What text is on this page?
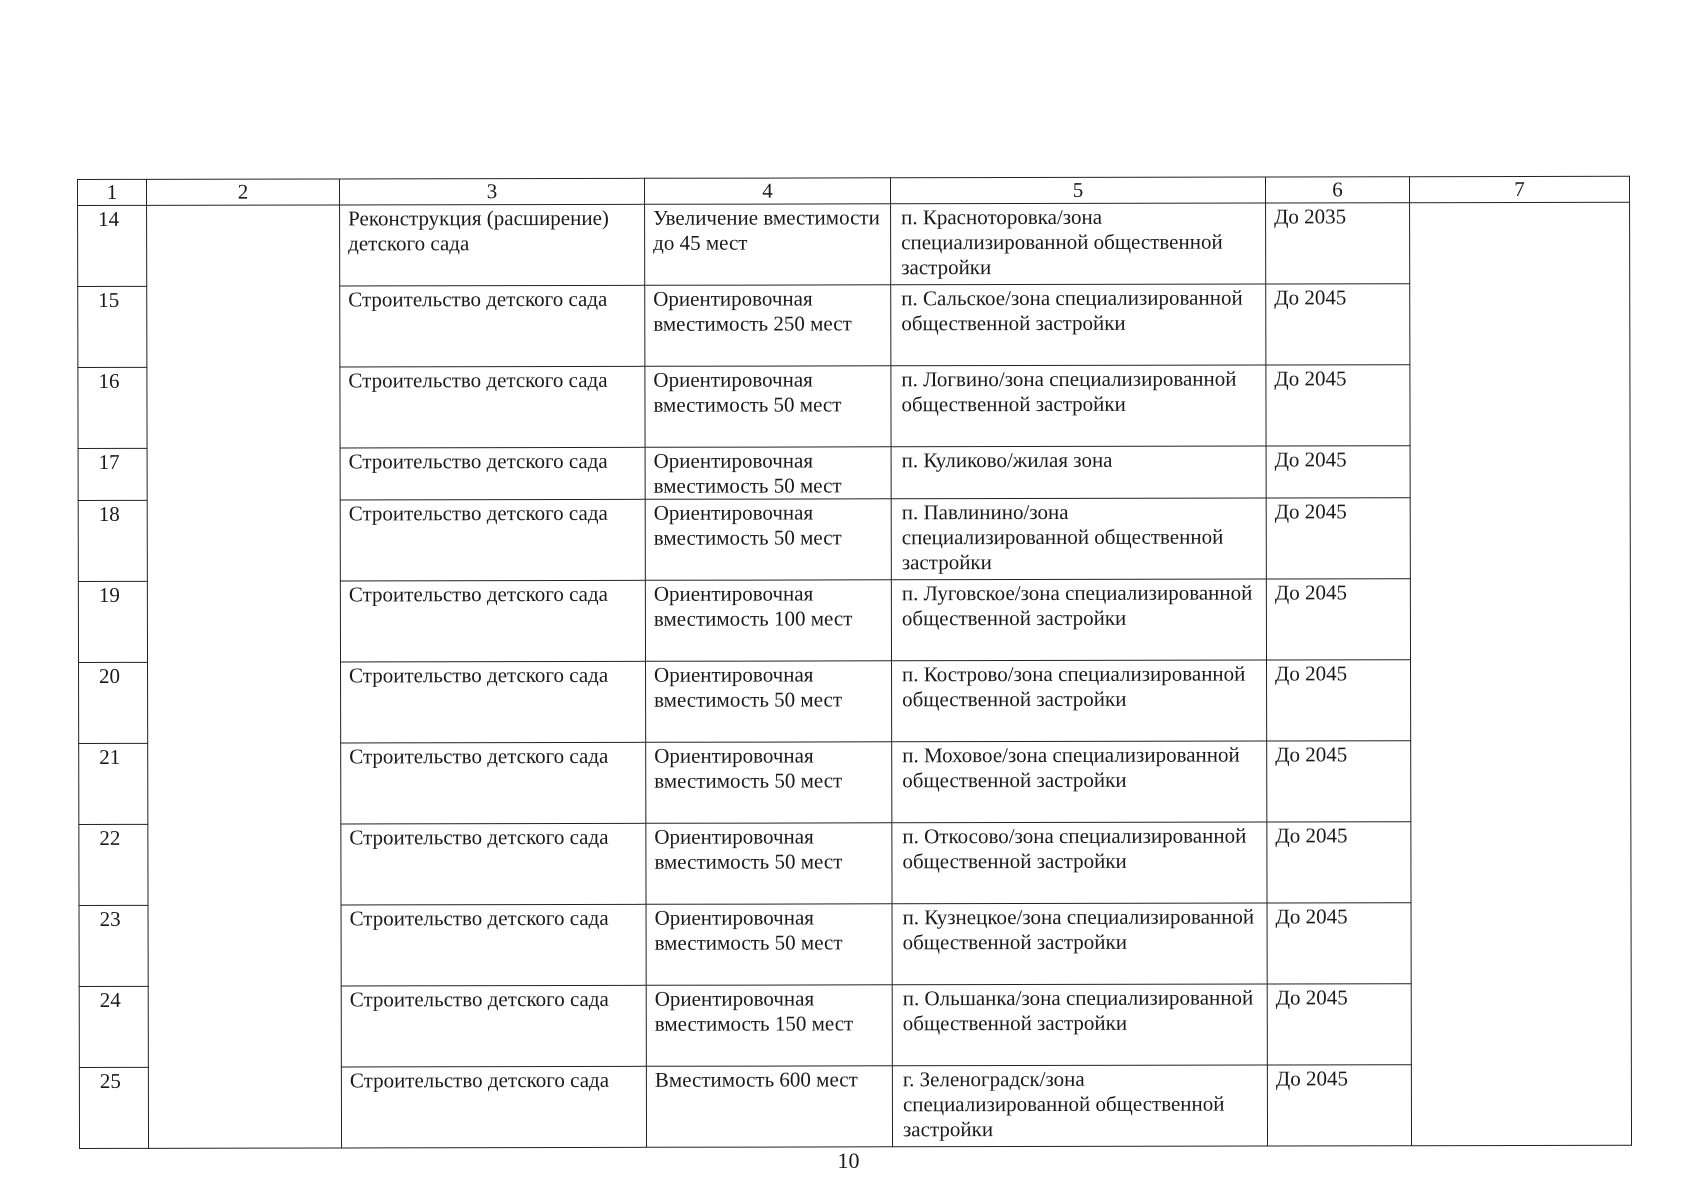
1	2	3	4	5	6	7
14		Реконструкция (расширение) детского сада	Увеличение вместимости до 45 мест	п. Красноторовка/зона специализированной общественной застройки	До 2035	
15		Строительство детского сада	Ориентировочная вместимость 250 мест	п. Сальское/зона специализированной общественной застройки	До 2045	
16		Строительство детского сада	Ориентировочная вместимость 50 мест	п. Логвино/зона специализированной общественной застройки	До 2045	
17		Строительство детского сада	Ориентировочная вместимость 50 мест	п. Куликово/жилая зона	До 2045	
18		Строительство детского сада	Ориентировочная вместимость 50 мест	п. Павлинино/зона специализированной общественной застройки	До 2045	
19		Строительство детского сада	Ориентировочная вместимость 100 мест	п. Луговское/зона специализированной общественной застройки	До 2045	
20		Строительство детского сада	Ориентировочная вместимость 50 мест	п. Кострово/зона специализированной общественной застройки	До 2045	
21		Строительство детского сада	Ориентировочная вместимость 50 мест	п. Моховое/зона специализированной общественной застройки	До 2045	
22		Строительство детского сада	Ориентировочная вместимость 50 мест	п. Откосово/зона специализированной общественной застройки	До 2045	
23		Строительство детского сада	Ориентировочная вместимость 50 мест	п. Кузнецкое/зона специализированной общественной застройки	До 2045	
24		Строительство детского сада	Ориентировочная вместимость 150 мест	п. Ольшанка/зона специализированной общественной застройки	До 2045	
25		Строительство детского сада	Вместимость 600 мест	г. Зеленоградск/зона специализированной общественной застройки	До 2045	
10
